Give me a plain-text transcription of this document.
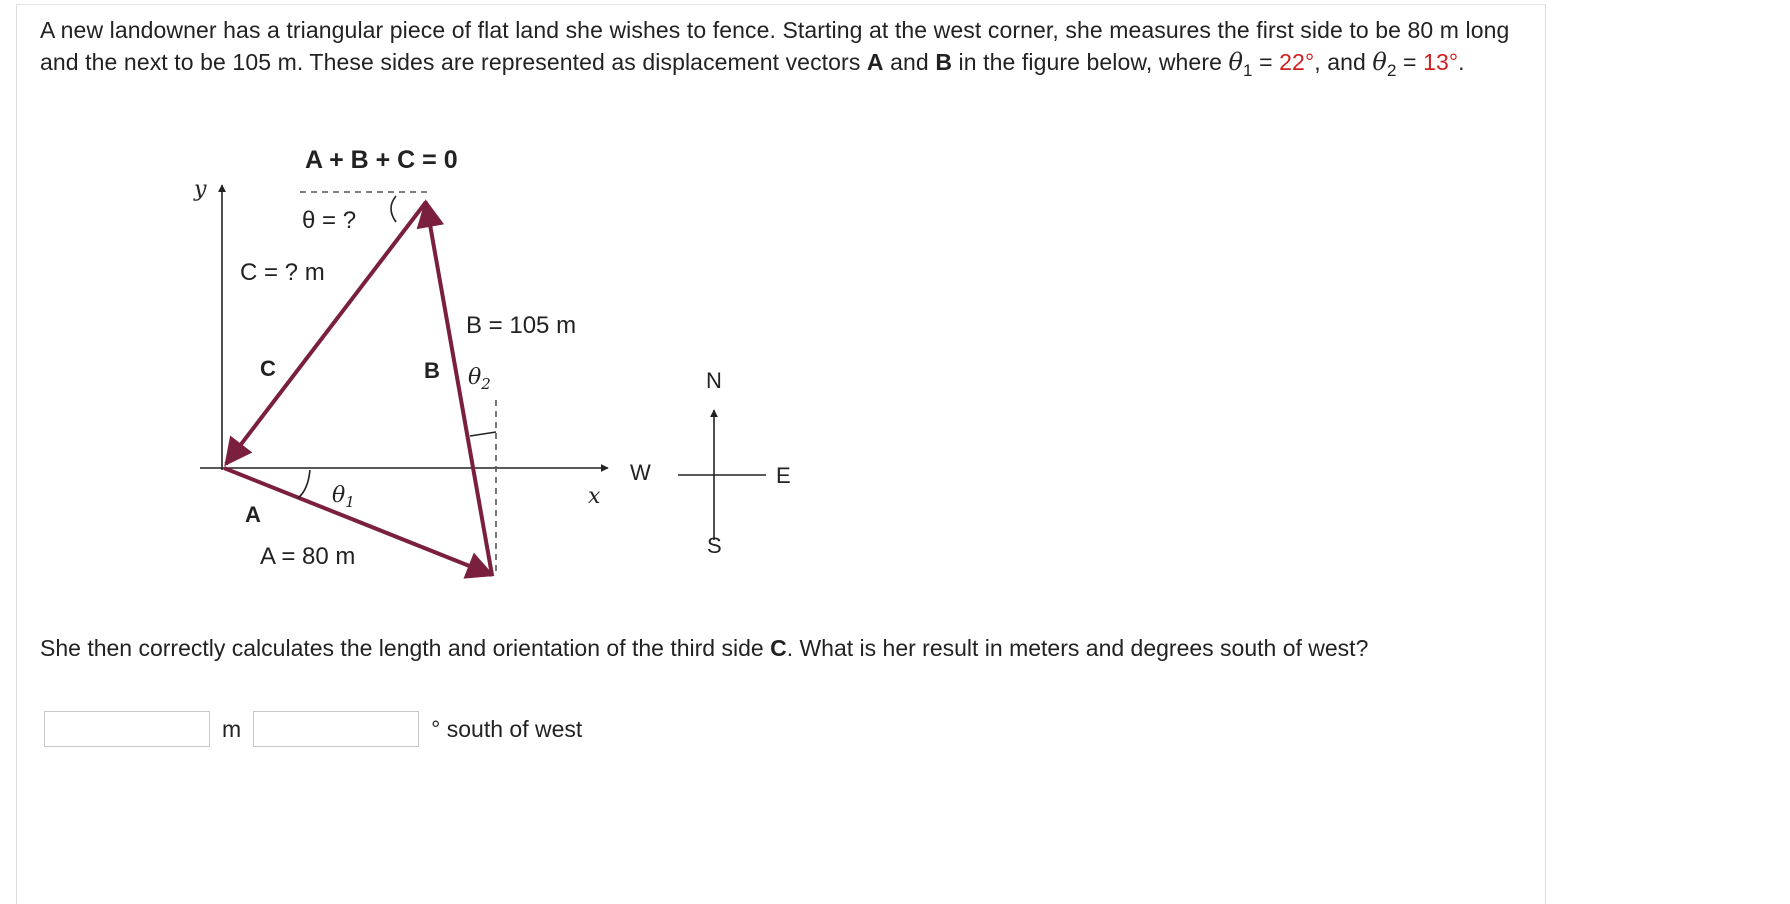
A new landowner has a triangular piece of flat land she wishes to fence. Starting at the west corner, she measures the first side to be 80 m long and the next to be 105 m. These sides are represented as displacement vectors A and B in the figure below, where $\theta_1 = 22^\circ$, and $\theta_2 = 13^\circ$.
A + B + C = 0
y
x
θ = ?
C = ? m
B = 105 m
A = 80 m
C	B
A
$\theta_1$
$\theta_2$	N
S
E
W
She then correctly calculates the length and orientation of the third side C. What is her result in meters and degrees south of west?
m	° south of west
